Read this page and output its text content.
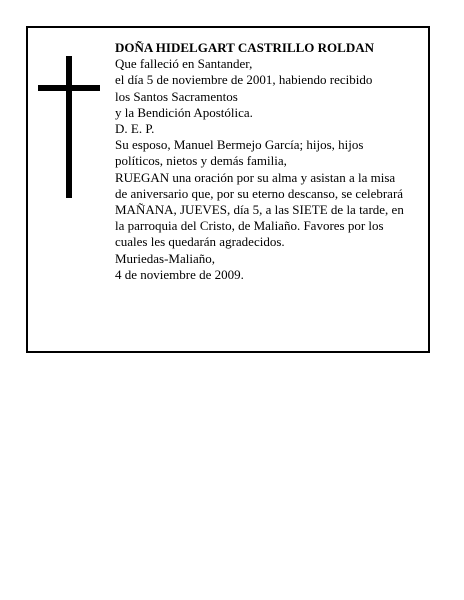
DOÑA HIDELGART CASTRILLO ROLDAN
Que falleció en Santander,
el día 5 de noviembre de 2001, habiendo recibido
los Santos Sacramentos
y la Bendición Apostólica.
D. E. P.
Su esposo, Manuel Bermejo García; hijos, hijos
políticos, nietos y demás familia,
RUEGAN una oración por su alma y asistan a la misa
de aniversario que, por su eterno descanso, se celebrará
MAÑANA, JUEVES, día 5, a las SIETE de la tarde, en
la parroquia del Cristo, de Maliaño. Favores por los
cuales les quedarán agradecidos.
Muriedas-Maliaño,
4 de noviembre de 2009.
